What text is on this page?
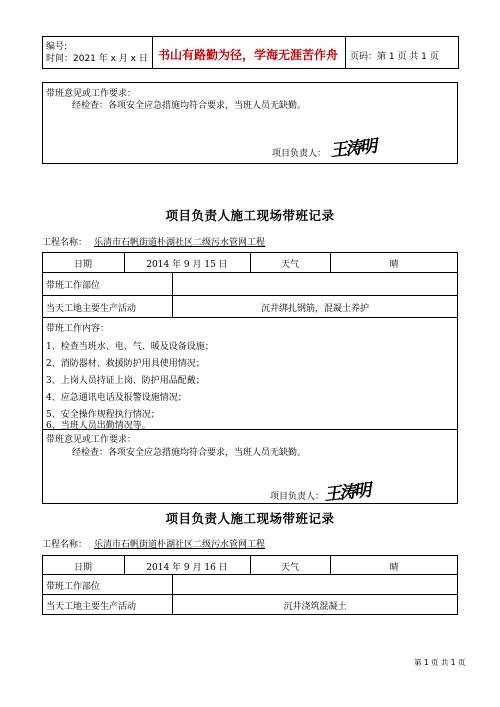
编号:
时间：2021 年 x 月 x 日 书山有路勤为径，学海无涯苦作舟 页码：第 1 页 共 1 页
带班意见或工作要求：
经检查：各项安全应急措施均符合要求，当班人员无缺勤。
项目负责人： 王涛明
项目负责人施工现场带班记录
工程名称： 乐清市石帆街道朴湖社区二级污水管网工程
日期	2014 年 9 月 15 日	天气	晴
带班工作部位
当天工地主要生产活动	沉井绑扎钢筋，混凝土养护
带班工作内容：
1、检查当班水、电、气、暖及设备设施；
2、消防器材、救援防护用具使用情况；
3、上岗人员持证上岗、防护用品配戴；
4、应急通讯电话及报警设施情况；
5、安全操作规程执行情况；
6、当班人员出勤情况等。
带班意见或工作要求：
经检查：各项安全应急措施均符合要求，当班人员无缺勤。
项目负责人： 王涛明
项目负责人施工现场带班记录
工程名称： 乐清市石帆街道朴湖社区二级污水管网工程
日期	2014 年 9 月 16 日	天气	晴
带班工作部位
当天工地主要生产活动	沉井浇筑混凝土
第 1 页 共 1 页
